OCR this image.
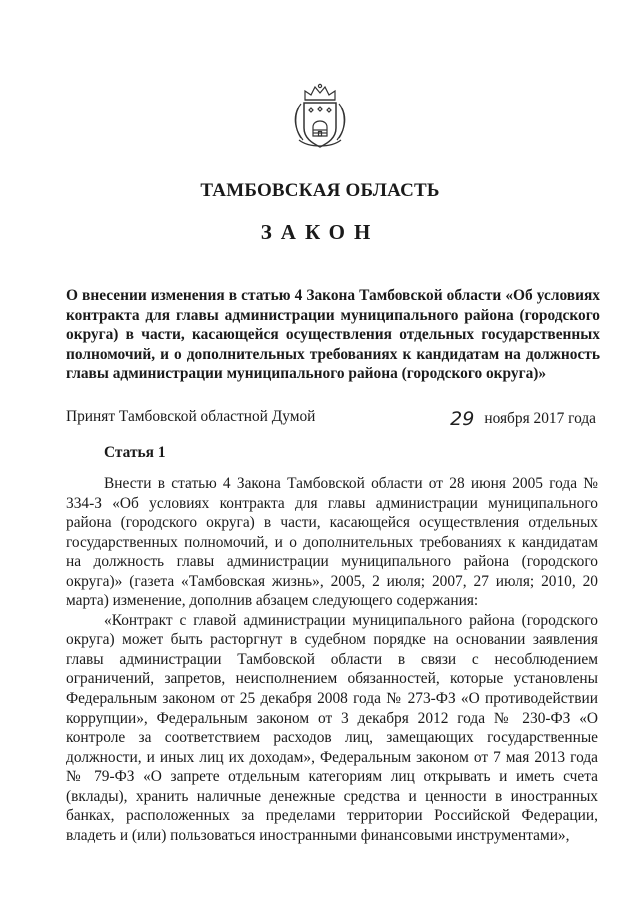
ТАМБОВСКАЯ ОБЛАСТЬ
ЗАКОН
О внесении изменения в статью 4 Закона Тамбовской области «Об условиях контракта для главы администрации муниципального района (городского округа) в части, касающейся осуществления отдельных государственных полномочий, и о дополнительных требованиях к кандидатам на должность главы администрации муниципального района (городского округа)»
Принят Тамбовской областной Думой	29 ноября 2017 года
Статья 1

Внести в статью 4 Закона Тамбовской области от 28 июня 2005 года № 334-З «Об условиях контракта для главы администрации муниципального района (городского округа) в части, касающейся осуществления отдельных государственных полномочий, и о дополнительных требованиях к кандидатам на должность главы администрации муниципального района (городского округа)» (газета «Тамбовская жизнь», 2005, 2 июля; 2007, 27 июля; 2010, 20 марта) изменение, дополнив абзацем следующего содержания:

«Контракт с главой администрации муниципального района (городского округа) может быть расторгнут в судебном порядке на основании заявления главы администрации Тамбовской области в связи с несоблюдением ограничений, запретов, неисполнением обязанностей, которые установлены Федеральным законом от 25 декабря 2008 года № 273-ФЗ «О противодействии коррупции», Федеральным законом от 3 декабря 2012 года № 230-ФЗ «О контроле за соответствием расходов лиц, замещающих государственные должности, и иных лиц их доходам», Федеральным законом от 7 мая 2013 года № 79-ФЗ «О запрете отдельным категориям лиц открывать и иметь счета (вклады), хранить наличные денежные средства и ценности в иностранных банках, расположенных за пределами территории Российской Федерации, владеть и (или) пользоваться иностранными финансовыми инструментами»,
